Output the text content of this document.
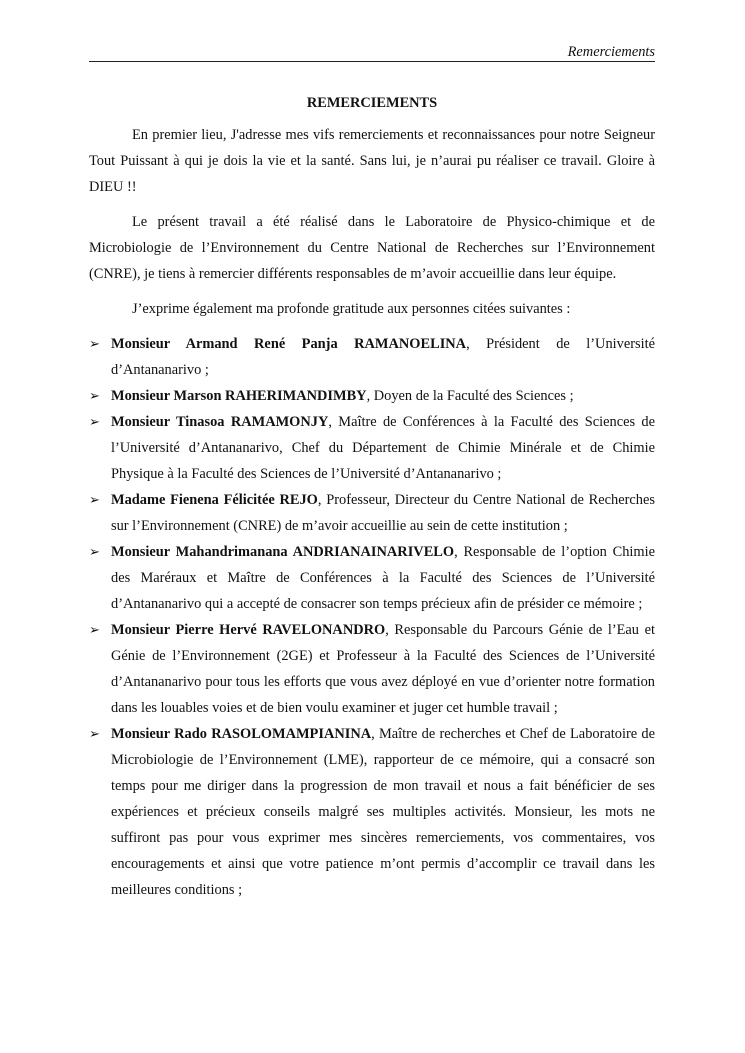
Remerciements
REMERCIEMENTS

En premier lieu, J'adresse mes vifs remerciements et reconnaissances pour notre Seigneur Tout Puissant à qui je dois la vie et la santé. Sans lui, je n’aurai pu réaliser ce travail. Gloire à DIEU !!

Le présent travail a été réalisé dans le Laboratoire de Physico-chimique et de Microbiologie de l’Environnement du Centre National de Recherches sur l’Environnement (CNRE), je tiens à remercier différents responsables de m’avoir accueillie dans leur équipe.

J’exprime également ma profonde gratitude aux personnes citées suivantes :

➢ Monsieur Armand René Panja RAMANOELINA, Président de l’Université d’Antananarivo ;
➢ Monsieur Marson RAHERIMANDIMBY, Doyen de la Faculté des Sciences ;
➢ Monsieur Tinasoa RAMAMONJY, Maître de Conférences à la Faculté des Sciences de l’Université d’Antananarivo, Chef du Département de Chimie Minérale et de Chimie Physique à la Faculté des Sciences de l’Université d’Antananarivo ;
➢ Madame Fienena Félicitée REJO, Professeur, Directeur du Centre National de Recherches sur l’Environnement (CNRE) de m’avoir accueillie au sein de cette institution ;
➢ Monsieur Mahandrimanana ANDRIANAINARIVELO, Responsable de l’option Chimie des Maréraux et Maître de Conférences à la Faculté des Sciences de l’Université d’Antananarivo qui a accepté de consacrer son temps précieux afin de présider ce mémoire ;
➢ Monsieur Pierre Hervé RAVELONANDRO, Responsable du Parcours Génie de l’Eau et Génie de l’Environnement (2GE) et Professeur à la Faculté des Sciences de l’Université d’Antananarivo pour tous les efforts que vous avez déployé en vue d’orienter notre formation dans les louables voies et de bien voulu examiner et juger cet humble travail ;
➢ Monsieur Rado RASOLOMAMPIANINA, Maître de recherches et Chef de Laboratoire de Microbiologie de l’Environnement (LME), rapporteur de ce mémoire, qui a consacré son temps pour me diriger dans la progression de mon travail et nous a fait bénéficier de ses expériences et précieux conseils malgré ses multiples activités. Monsieur, les mots ne suffiront pas pour vous exprimer mes sincères remerciements, vos commentaires, vos encouragements et ainsi que votre patience m’ont permis d’accomplir ce travail dans les meilleures conditions ;
